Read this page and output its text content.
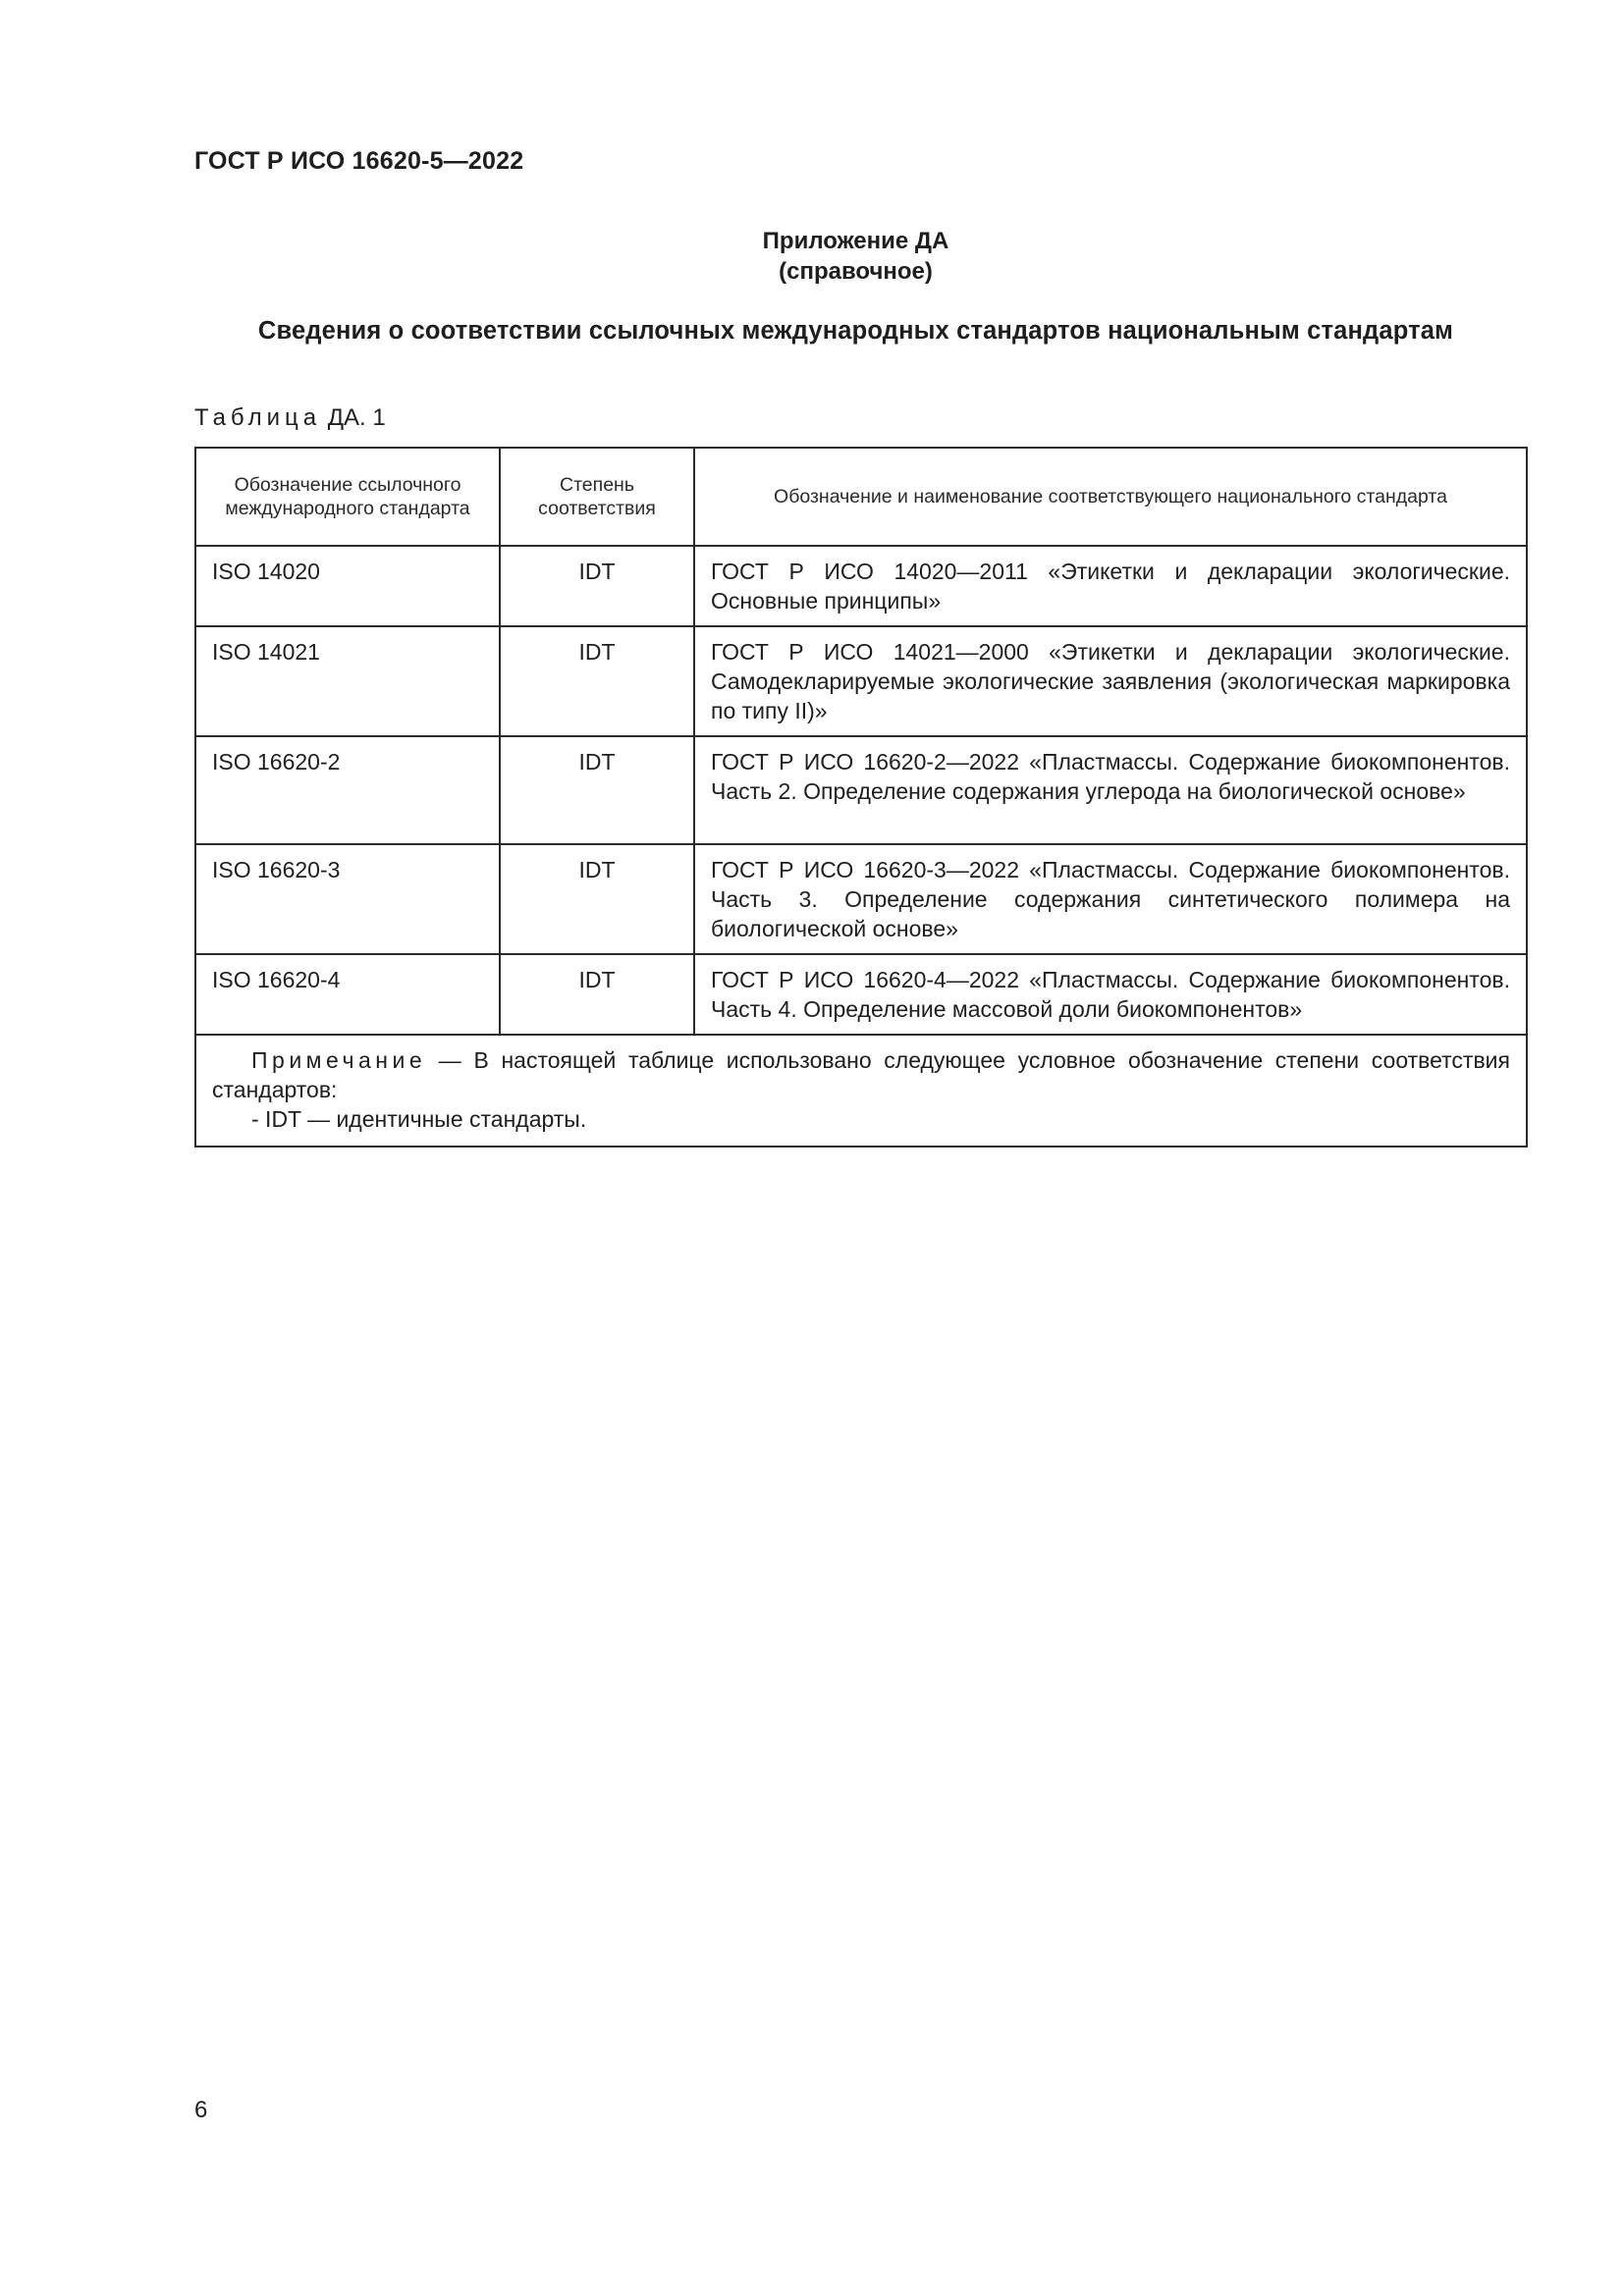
ГОСТ Р ИСО 16620-5—2022
Приложение ДА
(справочное)
Сведения о соответствии ссылочных международных стандартов национальным стандартам
Таблица ДА. 1
Обозначение ссылочного международного стандарта	Степень соответствия	Обозначение и наименование соответствующего национального стандарта

ISO 14020	IDT	ГОСТ Р ИСО 14020—2011 «Этикетки и декларации экологические. Основные принципы»

ISO 14021	IDT	ГОСТ Р ИСО 14021—2000 «Этикетки и декларации экологические. Самодекларируемые экологические заявления (экологическая маркировка по типу II)»

ISO 16620-2	IDT	ГОСТ Р ИСО 16620-2—2022 «Пластмассы. Содержание биокомпонентов. Часть 2. Определение содержания углерода на биологической основе»

ISO 16620-3	IDT	ГОСТ Р ИСО 16620-3—2022 «Пластмассы. Содержание биокомпонентов. Часть 3. Определение содержания синтетического полимера на биологической основе»

ISO 16620-4	IDT	ГОСТ Р ИСО 16620-4—2022 «Пластмассы. Содержание биокомпонентов. Часть 4. Определение массовой доли биокомпонентов»

Примечание — В настоящей таблице использовано следующее условное обозначение степени соответствия стандартов:
- IDT — идентичные стандарты.		
6
